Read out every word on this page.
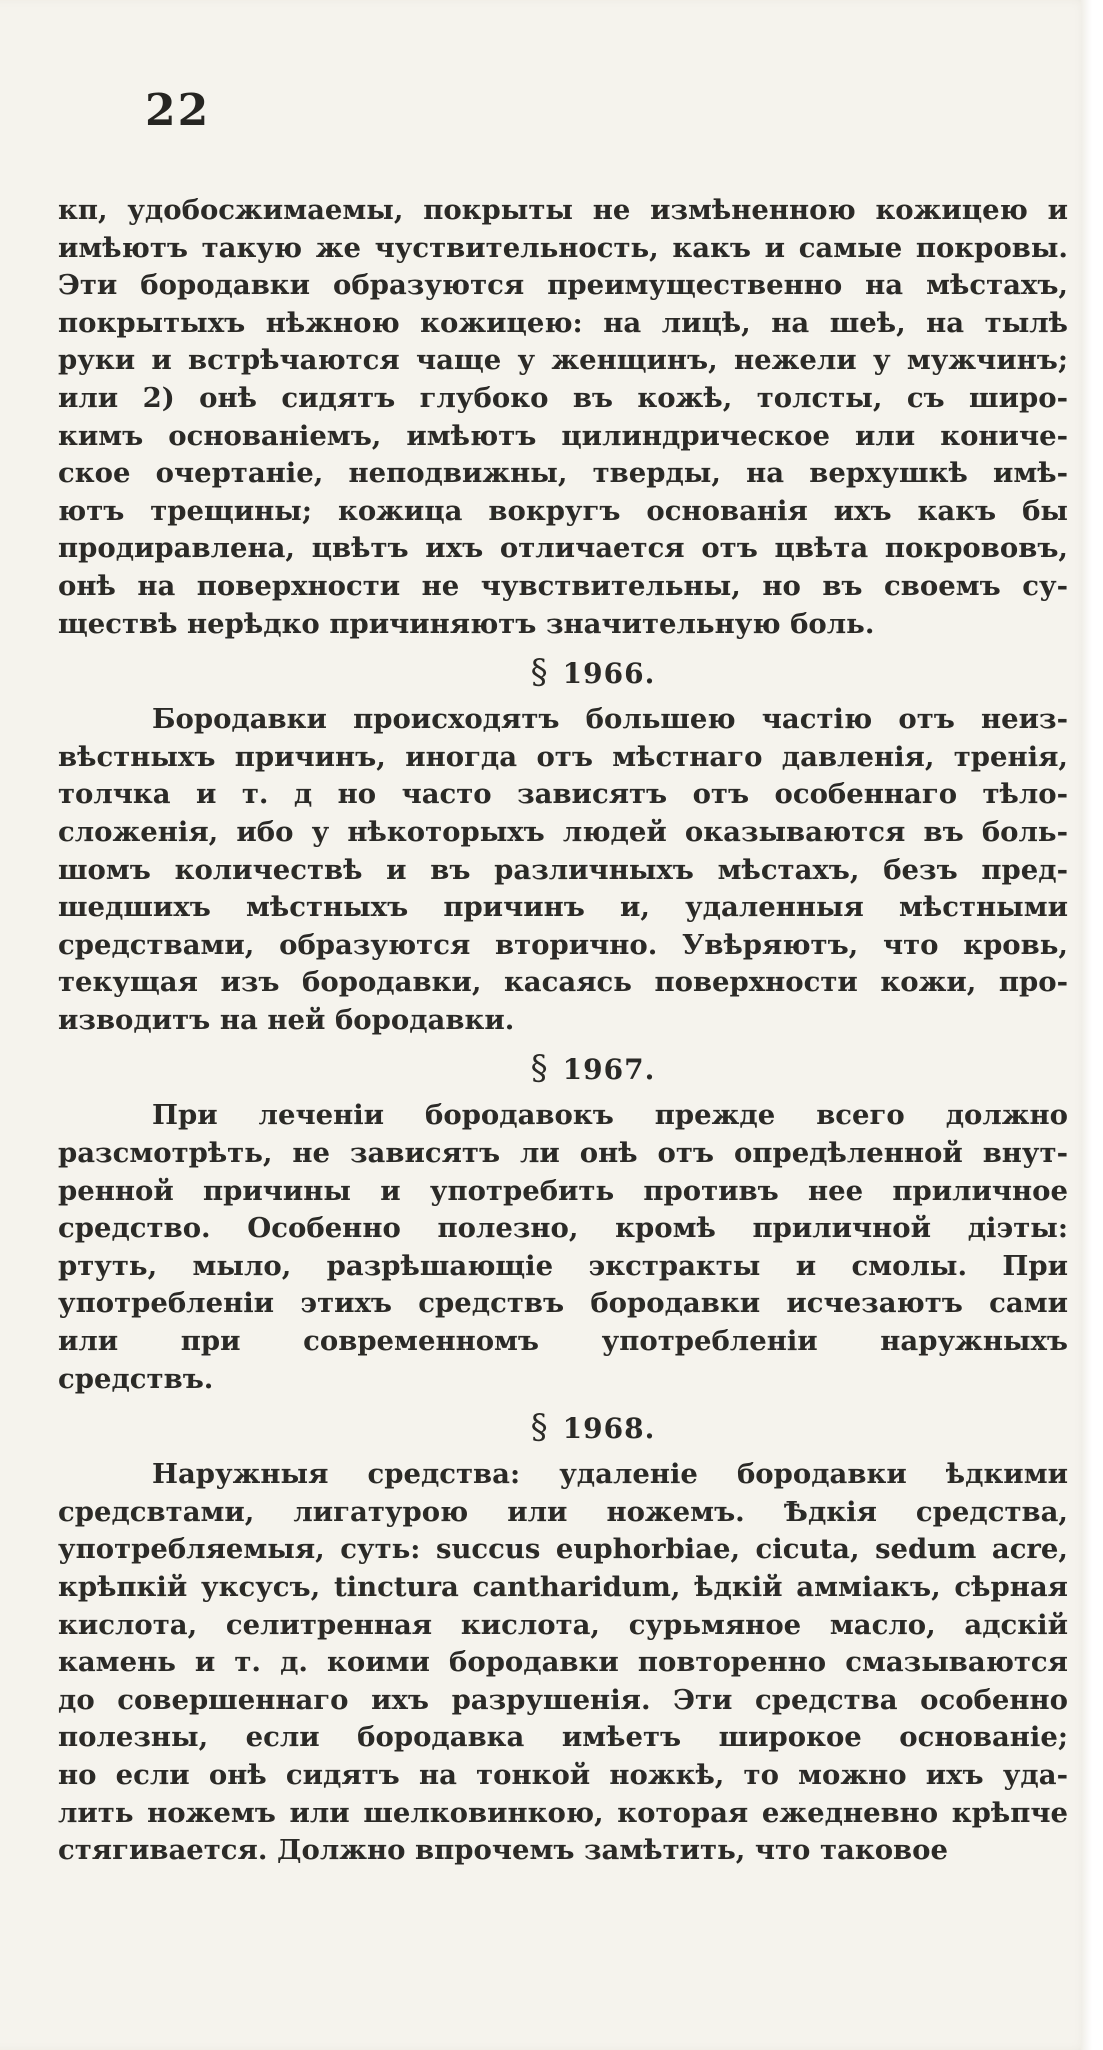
22
кп, удобосжимаемы, покрыты не измѣненною кожицею и
имѣютъ такую же чуствительность, какъ и самые покровы.
Эти бородавки образуются преимущественно на мѣстахъ,
покрытыхъ нѣжною кожицею: на лицѣ, на шеѣ, на тылѣ
руки и встрѣчаются чаще у женщинъ, нежели у мужчинъ;
или 2) онѣ сидятъ глубоко въ кожѣ, толсты, съ широ-
кимъ основанiемъ, имѣютъ цилиндрическое или кониче-
ское очертанiе, неподвижны, тверды, на верхушкѣ имѣ-
ютъ трещины; кожица вокругъ основанiя ихъ какъ бы
продиравлена, цвѣтъ ихъ отличается отъ цвѣта покрововъ,
онѣ на поверхности не чувствительны, но въ своемъ су-
ществѣ нерѣдко причиняютъ значительную боль.
§ 1966.
Бородавки происходятъ большею частiю отъ неиз-
вѣстныхъ причинъ, иногда отъ мѣстнаго давленiя, тренiя,
толчка и т. д но часто зависятъ отъ особеннаго тѣло-
сложенiя, ибо у нѣкоторыхъ людей оказываются въ боль-
шомъ количествѣ и въ различныхъ мѣстахъ, безъ пред-
шедшихъ мѣстныхъ причинъ и, удаленныя мѣстными
средствами, образуются вторично. Увѣряютъ, что кровь,
текущая изъ бородавки, касаясь поверхности кожи, про-
изводитъ на ней бородавки.
§ 1967.
При леченiи бородавокъ прежде всего должно
разсмотрѣть, не зависятъ ли онѣ отъ опредѣленной внут-
ренной причины и употребить противъ нее приличное
средство. Особенно полезно, кромѣ приличной дiэты:
ртуть, мыло, разрѣшающiе экстракты и смолы. При
употребленiи этихъ средствъ бородавки исчезаютъ сами
или при современномъ употребленiи наружныхъ
средствъ.
§ 1968.
Наружныя средства: удаленiе бородавки ѣдкими
средсвтами, лигатурою или ножемъ. Ѣдкiя средства,
употребляемыя, суть: succus euphorbiae, cicuta, sedum acre,
крѣпкiй уксусъ, tinctura cantharidum, ѣдкiй аммiакъ, сѣрная
кислота, селитренная кислота, сурьмяное масло, адскiй
камень и т. д. коими бородавки повторенно смазываются
до совершеннаго ихъ разрушенiя. Эти средства особенно
полезны, если бородавка имѣетъ широкое основанiе;
но если онѣ сидятъ на тонкой ножкѣ, то можно ихъ уда-
лить ножемъ или шелковинкою, которая ежедневно крѣпче
стягивается. Должно впрочемъ замѣтить, что таковое
